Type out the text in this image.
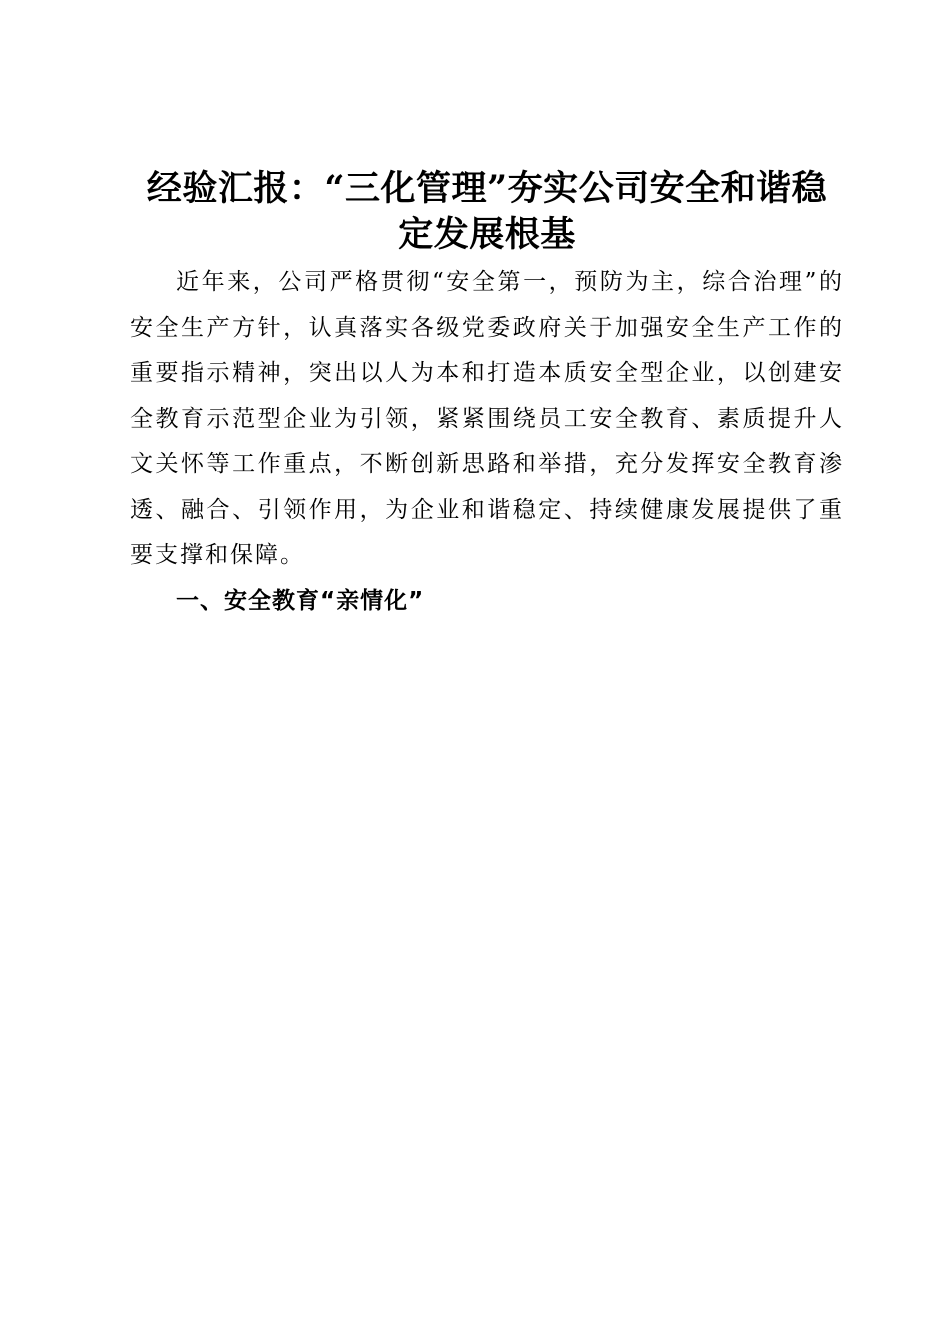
经验汇报：“三化管理”夯实公司安全和谐稳定发展根基

近年来，公司严格贯彻“安全第一，预防为主，综合治理”的安全生产方针，认真落实各级党委政府关于加强安全生产工作的重要指示精神，突出以人为本和打造本质安全型企业，以创建安全教育示范型企业为引领，紧紧围绕员工安全教育、素质提升人文关怀等工作重点，不断创新思路和举措，充分发挥安全教育渗透、融合、引领作用，为企业和谐稳定、持续健康发展提供了重要支撑和保障。

一、安全教育“亲情化”
